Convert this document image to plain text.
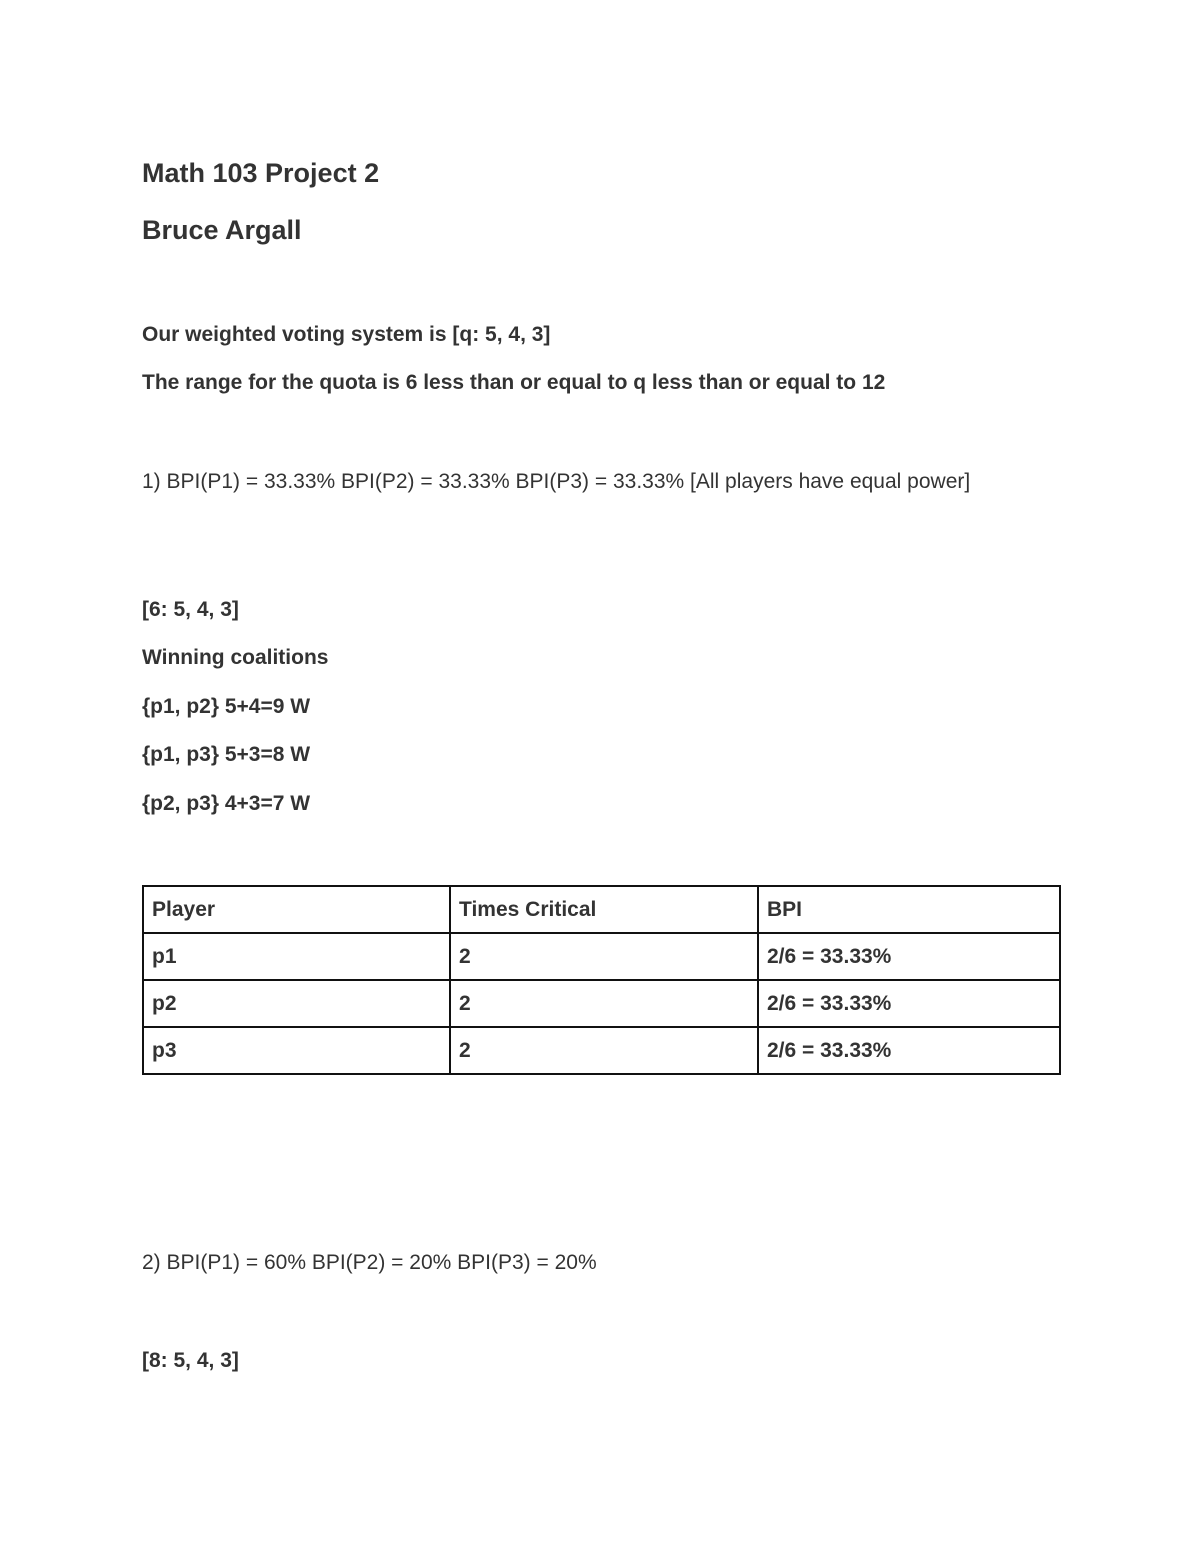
Math 103 Project 2
Bruce Argall
Our weighted voting system is [q: 5, 4, 3]
The range for the quota is 6 less than or equal to q less than or equal to 12
1) BPI(P1) = 33.33% BPI(P2) = 33.33% BPI(P3) = 33.33% [All players have equal power]
[6: 5, 4, 3]
Winning coalitions
{p1, p2} 5+4=9 W
{p1, p3} 5+3=8 W
{p2, p3} 4+3=7 W
Player	Times Critical	BPI
p1	2	2/6 = 33.33%
p2	2	2/6 = 33.33%
p3	2	2/6 = 33.33%
2) BPI(P1) = 60% BPI(P2) = 20% BPI(P3) = 20%
[8: 5, 4, 3]
